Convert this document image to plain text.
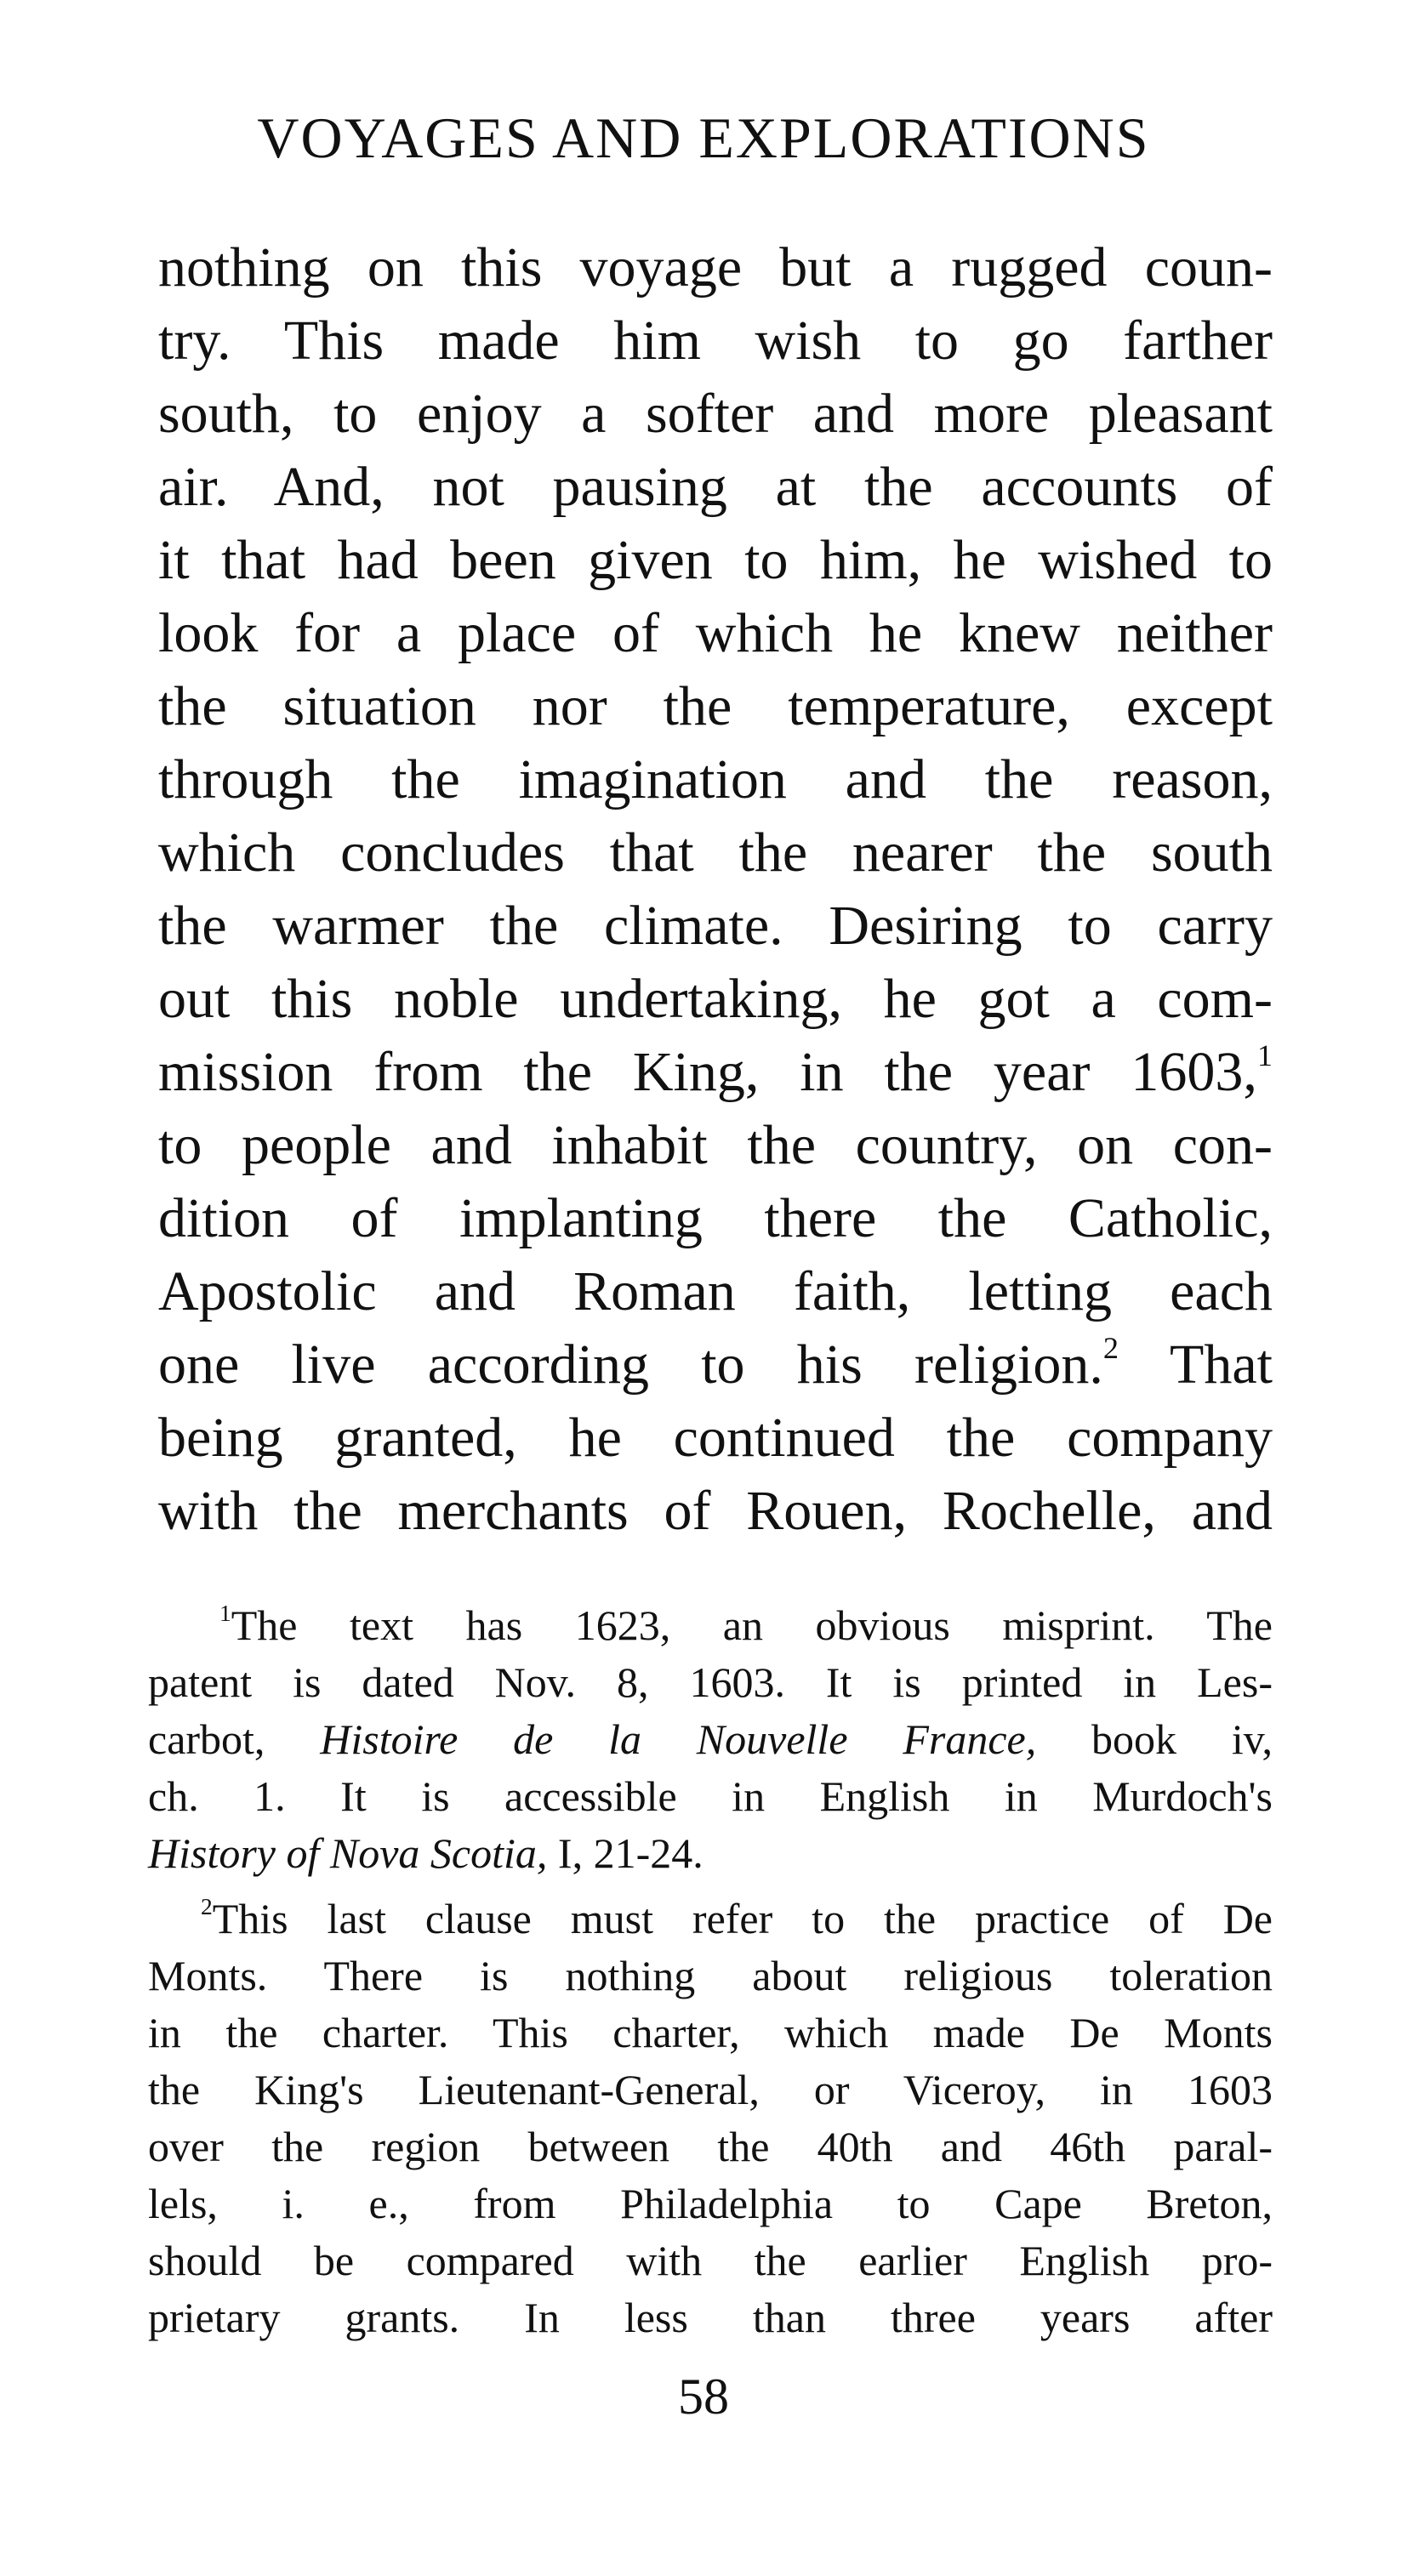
VOYAGES AND EXPLORATIONS
nothing on this voyage but a rugged coun-
try. This made him wish to go farther
south, to enjoy a softer and more pleasant
air. And, not pausing at the accounts of
it that had been given to him, he wished to
look for a place of which he knew neither
the situation nor the temperature, except
through the imagination and the reason,
which concludes that the nearer the south
the warmer the climate. Desiring to carry
out this noble undertaking, he got a com-
mission from the King, in the year 1603,$^1$
to people and inhabit the country, on con-
dition of implanting there the Catholic,
Apostolic and Roman faith, letting each
one live according to his religion.$^2$ That
being granted, he continued the company
with the merchants of Rouen, Rochelle, and
$^1$The text has 1623, an obvious misprint. The
patent is dated Nov. 8, 1603. It is printed in Les-
carbot, Histoire de la Nouvelle France, book iv,
ch. 1. It is accessible in English in Murdoch's
History of Nova Scotia, I, 21-24.
$^2$This last clause must refer to the practice of De
Monts. There is nothing about religious toleration
in the charter. This charter, which made De Monts
the King's Lieutenant-General, or Viceroy, in 1603
over the region between the 40th and 46th paral-
lels, i. e., from Philadelphia to Cape Breton,
should be compared with the earlier English pro-
prietary grants. In less than three years after
58
